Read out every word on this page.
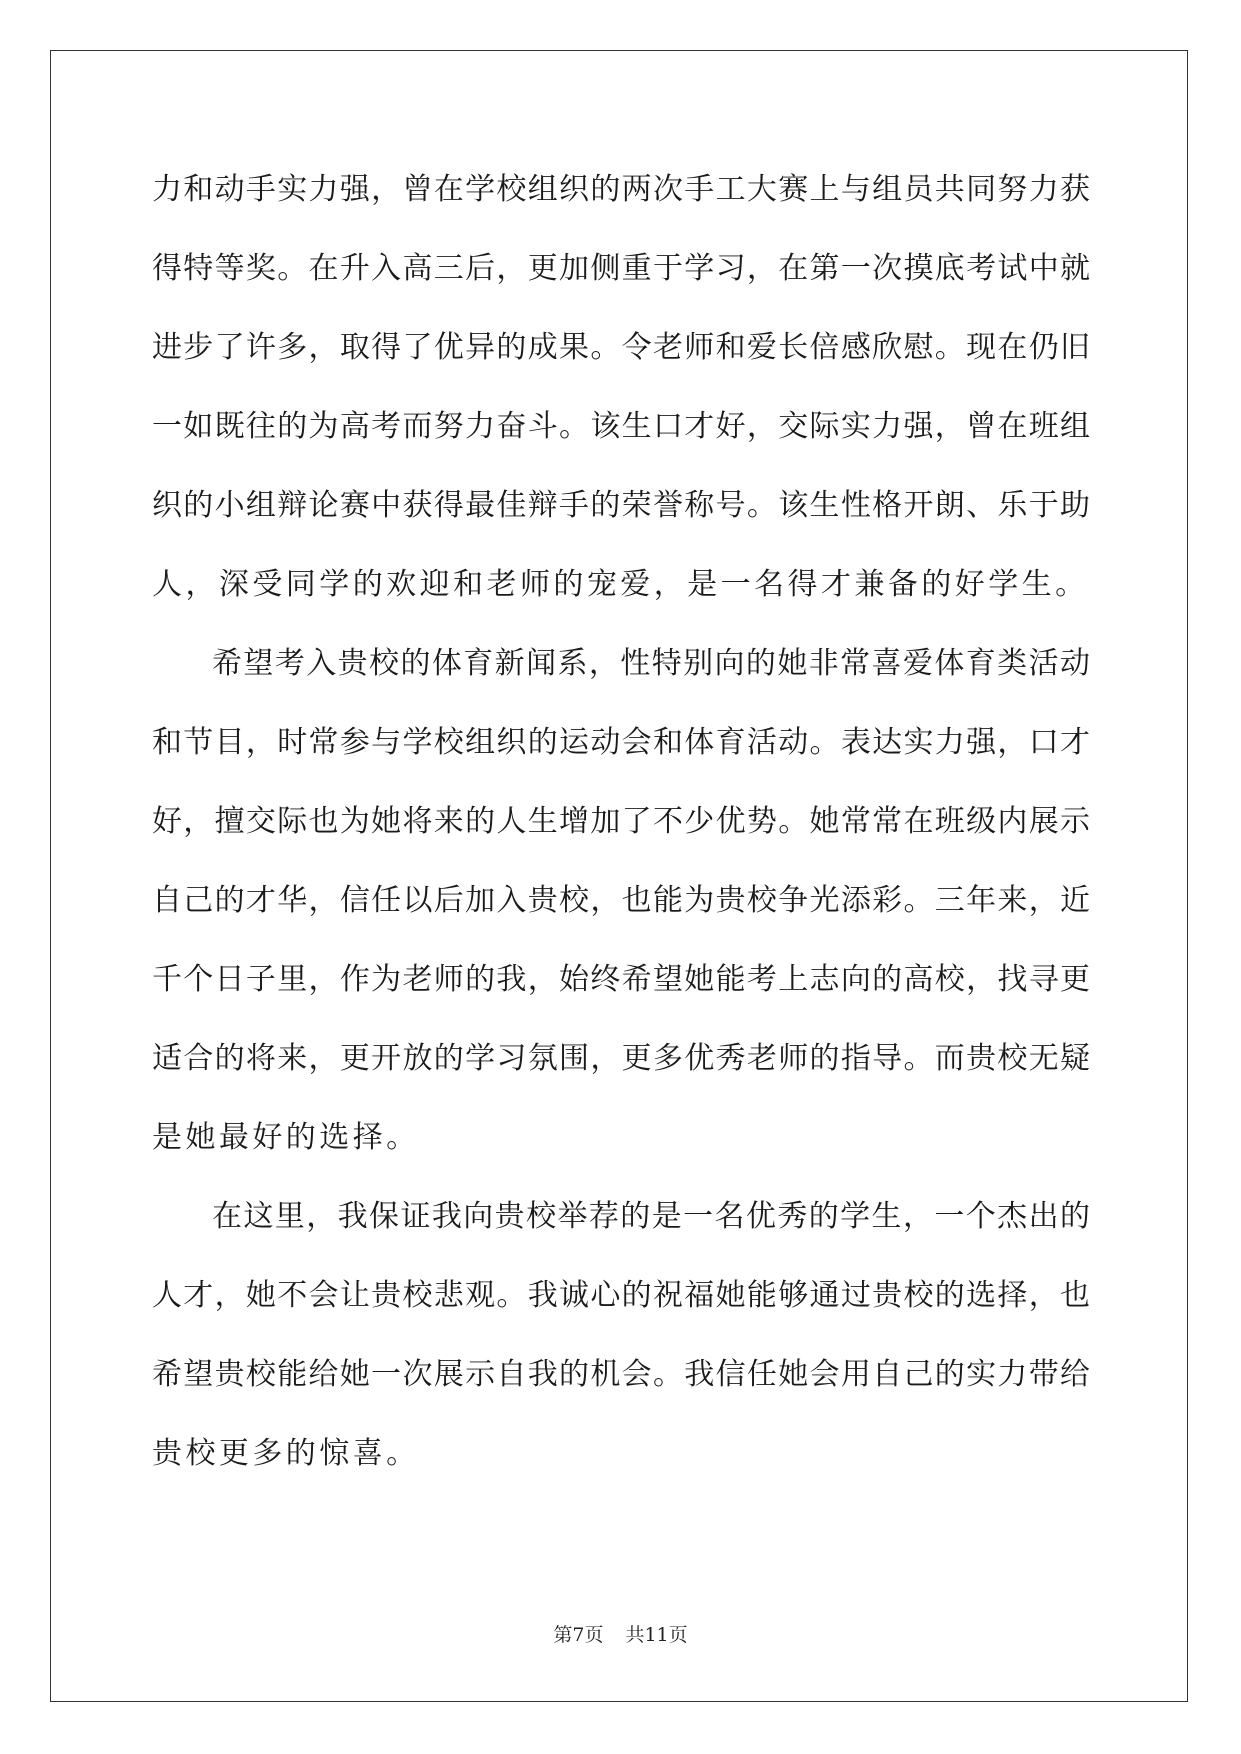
力和动手实力强，曾在学校组织的两次手工大赛上与组员共同努力获
得特等奖。在升入高三后，更加侧重于学习，在第一次摸底考试中就
进步了许多，取得了优异的成果。令老师和爱长倍感欣慰。现在仍旧
一如既往的为高考而努力奋斗。该生口才好，交际实力强，曾在班组
织的小组辩论赛中获得最佳辩手的荣誉称号。该生性格开朗、乐于助
人，深受同学的欢迎和老师的宠爱，是一名得才兼备的好学生。
希望考入贵校的体育新闻系，性特别向的她非常喜爱体育类活动
和节目，时常参与学校组织的运动会和体育活动。表达实力强，口才
好，擅交际也为她将来的人生增加了不少优势。她常常在班级内展示
自己的才华，信任以后加入贵校，也能为贵校争光添彩。三年来，近
千个日子里，作为老师的我，始终希望她能考上志向的高校，找寻更
适合的将来，更开放的学习氛围，更多优秀老师的指导。而贵校无疑
是她最好的选择。
在这里，我保证我向贵校举荐的是一名优秀的学生，一个杰出的
人才，她不会让贵校悲观。我诚心的祝福她能够通过贵校的选择，也
希望贵校能给她一次展示自我的机会。我信任她会用自己的实力带给
贵校更多的惊喜。
第7页 共11页
